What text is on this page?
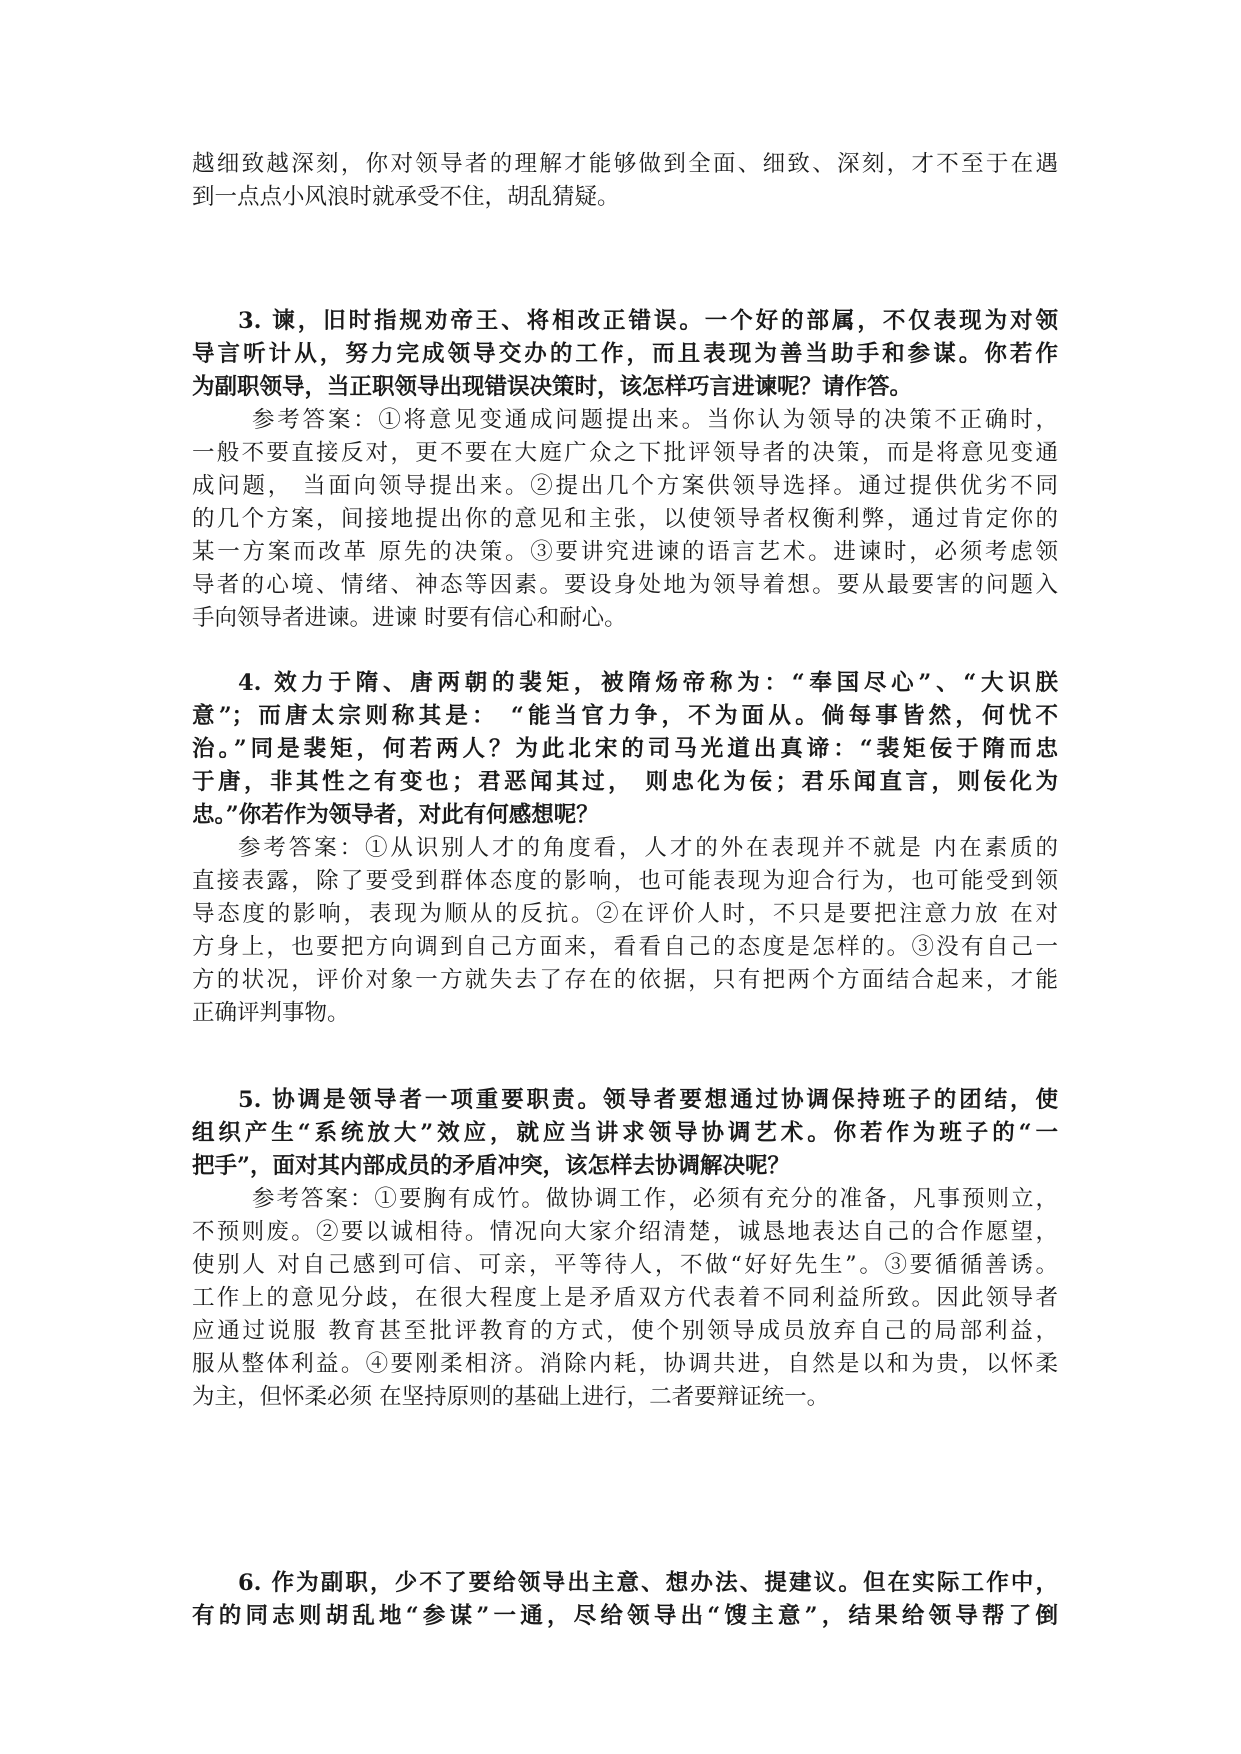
越细致越深刻，你对领导者的理解才能够做到全面、细致、深刻，才不至于在遇
到一点点小风浪时就承受不住，胡乱猜疑。
3. 谏，旧时指规劝帝王、将相改正错误。一个好的部属，不仅表现为对领
导言听计从，努力完成领导交办的工作，而且表现为善当助手和参谋。你若作
为副职领导，当正职领导出现错误决策时，该怎样巧言进谏呢？请作答。
参考答案：①将意见变通成问题提出来。当你认为领导的决策不正确时，
一般不要直接反对，更不要在大庭广众之下批评领导者的决策，而是将意见变通
成问题， 当面向领导提出来。②提出几个方案供领导选择。通过提供优劣不同
的几个方案，间接地提出你的意见和主张，以使领导者权衡利弊，通过肯定你的
某一方案而改革 原先的决策。③要讲究进谏的语言艺术。进谏时，必须考虑领
导者的心境、情绪、神态等因素。要设身处地为领导着想。要从最要害的问题入
手向领导者进谏。进谏 时要有信心和耐心。
4. 效力于隋、唐两朝的裴矩，被隋炀帝称为：“奉国尽心”、“大识朕
意”；而唐太宗则称其是： “能当官力争，不为面从。倘每事皆然，何忧不
治。”同是裴矩，何若两人？为此北宋的司马光道出真谛：“裴矩佞于隋而忠
于唐，非其性之有变也；君恶闻其过， 则忠化为佞；君乐闻直言，则佞化为
忠。”你若作为领导者，对此有何感想呢？
参考答案：①从识别人才的角度看，人才的外在表现并不就是 内在素质的
直接表露，除了要受到群体态度的影响，也可能表现为迎合行为，也可能受到领
导态度的影响，表现为顺从的反抗。②在评价人时，不只是要把注意力放 在对
方身上，也要把方向调到自己方面来，看看自己的态度是怎样的。③没有自己一
方的状况，评价对象一方就失去了存在的依据，只有把两个方面结合起来，才能
正确评判事物。
5. 协调是领导者一项重要职责。领导者要想通过协调保持班子的团结，使
组织产生“系统放大”效应，就应当讲求领导协调艺术。你若作为班子的“一
把手”，面对其内部成员的矛盾冲突，该怎样去协调解决呢？
参考答案：①要胸有成竹。做协调工作，必须有充分的准备，凡事预则立，
不预则废。②要以诚相待。情况向大家介绍清楚，诚恳地表达自己的合作愿望，
使别人 对自己感到可信、可亲，平等待人，不做“好好先生”。③要循循善诱。
工作上的意见分歧，在很大程度上是矛盾双方代表着不同利益所致。因此领导者
应通过说服 教育甚至批评教育的方式，使个别领导成员放弃自己的局部利益，
服从整体利益。④要刚柔相济。消除内耗，协调共进，自然是以和为贵，以怀柔
为主，但怀柔必须 在坚持原则的基础上进行，二者要辩证统一。
6. 作为副职，少不了要给领导出主意、想办法、提建议。但在实际工作中，
有的同志则胡乱地“参谋”一通，尽给领导出“馊主意”，结果给领导帮了倒
